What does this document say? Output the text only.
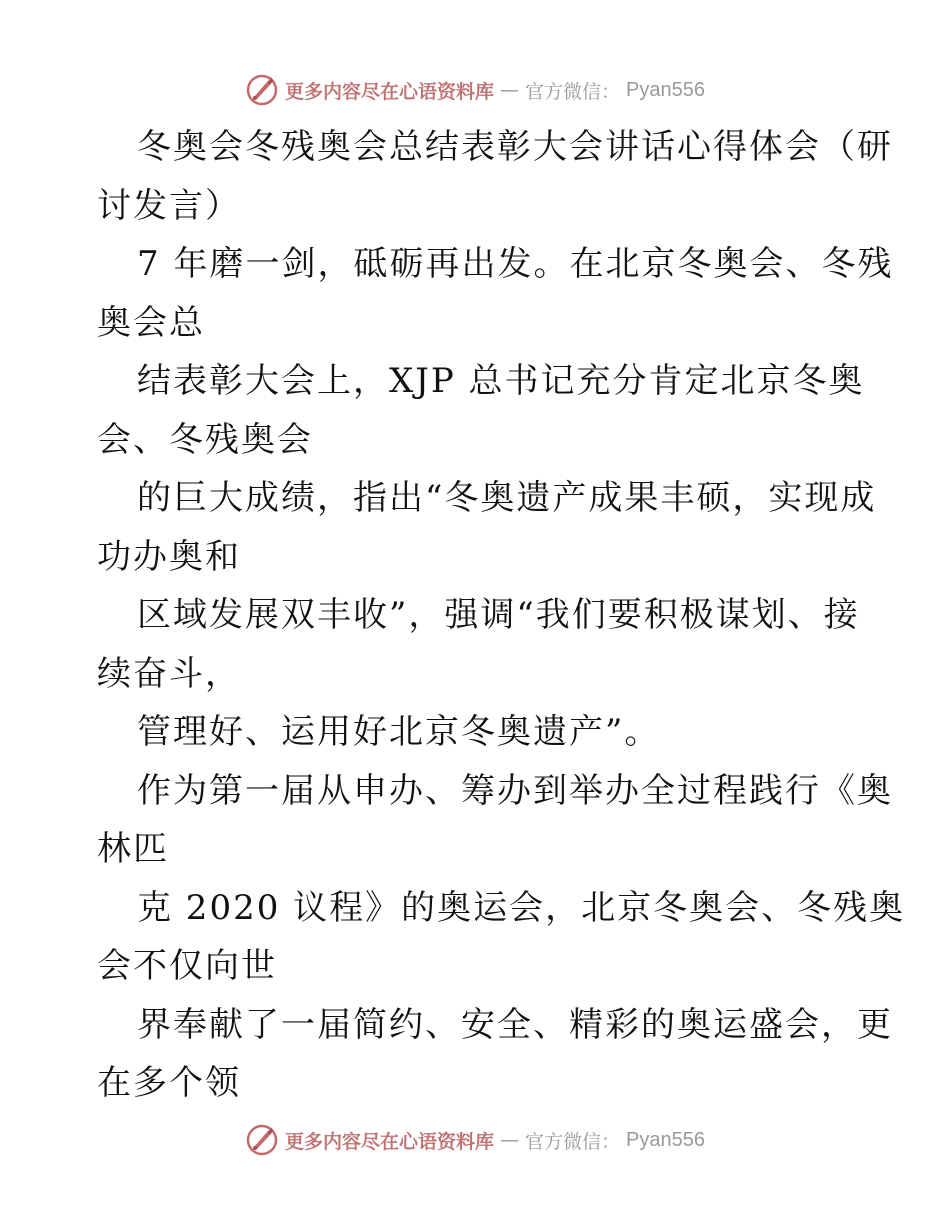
更多内容尽在心语资料库 — 官方微信： Pyan556
冬奥会冬残奥会总结表彰大会讲话心得体会（研
讨发言）
7 年磨一剑，砥砺再出发。在北京冬奥会、冬残
奥会总
结表彰大会上，XJP 总书记充分肯定北京冬奥
会、冬残奥会
的巨大成绩，指出“冬奥遗产成果丰硕，实现成
功办奥和
区域发展双丰收”，强调“我们要积极谋划、接
续奋斗，
管理好、运用好北京冬奥遗产”。
作为第一届从申办、筹办到举办全过程践行《奥
林匹
克 2020 议程》的奥运会，北京冬奥会、冬残奥
会不仅向世
界奉献了一届简约、安全、精彩的奥运盛会，更
在多个领
更多内容尽在心语资料库 — 官方微信： Pyan556
